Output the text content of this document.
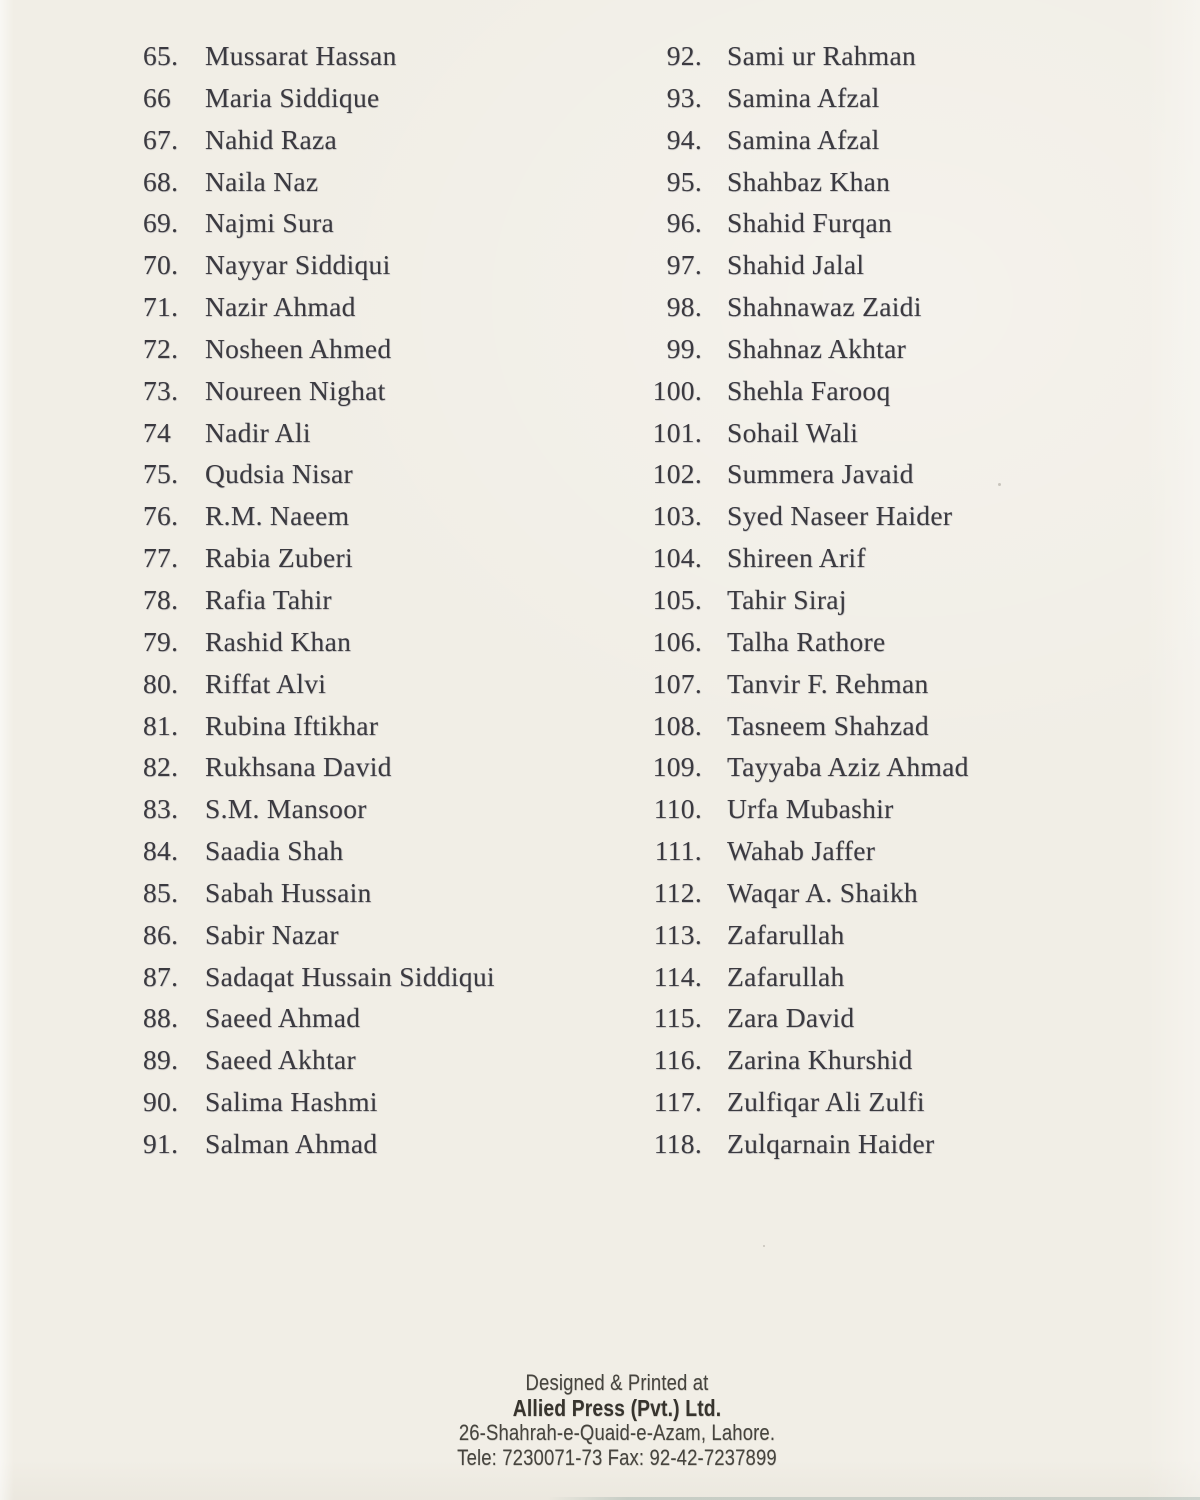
65. Mussarat Hassan
66	Maria Siddique
67. Nahid Raza
68. Naila Naz
69. Najmi Sura
70. Nayyar Siddiqui
71. Nazir Ahmad
72. Nosheen Ahmed
73. Noureen Nighat
74	Nadir Ali
75. Qudsia Nisar
76. R.M. Naeem
77. Rabia Zuberi
78. Rafia Tahir
79. Rashid Khan
80. Riffat Alvi
81. Rubina Iftikhar
82. Rukhsana David
83. S.M. Mansoor
84. Saadia Shah
85. Sabah Hussain
86. Sabir Nazar
87. Sadaqat Hussain Siddiqui
88. Saeed Ahmad
89. Saeed Akhtar
90. Salima Hashmi
91. Salman Ahmad
92. Sami ur Rahman
93. Samina Afzal
94. Samina Afzal
95. Shahbaz Khan
96. Shahid Furqan
97. Shahid Jalal
98. Shahnawaz Zaidi
99. Shahnaz Akhtar
100. Shehla Farooq
101. Sohail Wali
102. Summera Javaid
103. Syed Naseer Haider
104. Shireen Arif
105. Tahir Siraj
106. Talha Rathore
107. Tanvir F. Rehman
108. Tasneem Shahzad
109. Tayyaba Aziz Ahmad
110. Urfa Mubashir
111. Wahab Jaffer
112. Waqar A. Shaikh
113. Zafarullah
114. Zafarullah
115. Zara David
116. Zarina Khurshid
117. Zulfiqar Ali Zulfi
118. Zulqarnain Haider
Designed & Printed at
Allied Press (Pvt.) Ltd.
26-Shahrah-e-Quaid-e-Azam, Lahore.
Tele: 7230071-73 Fax: 92-42-7237899
